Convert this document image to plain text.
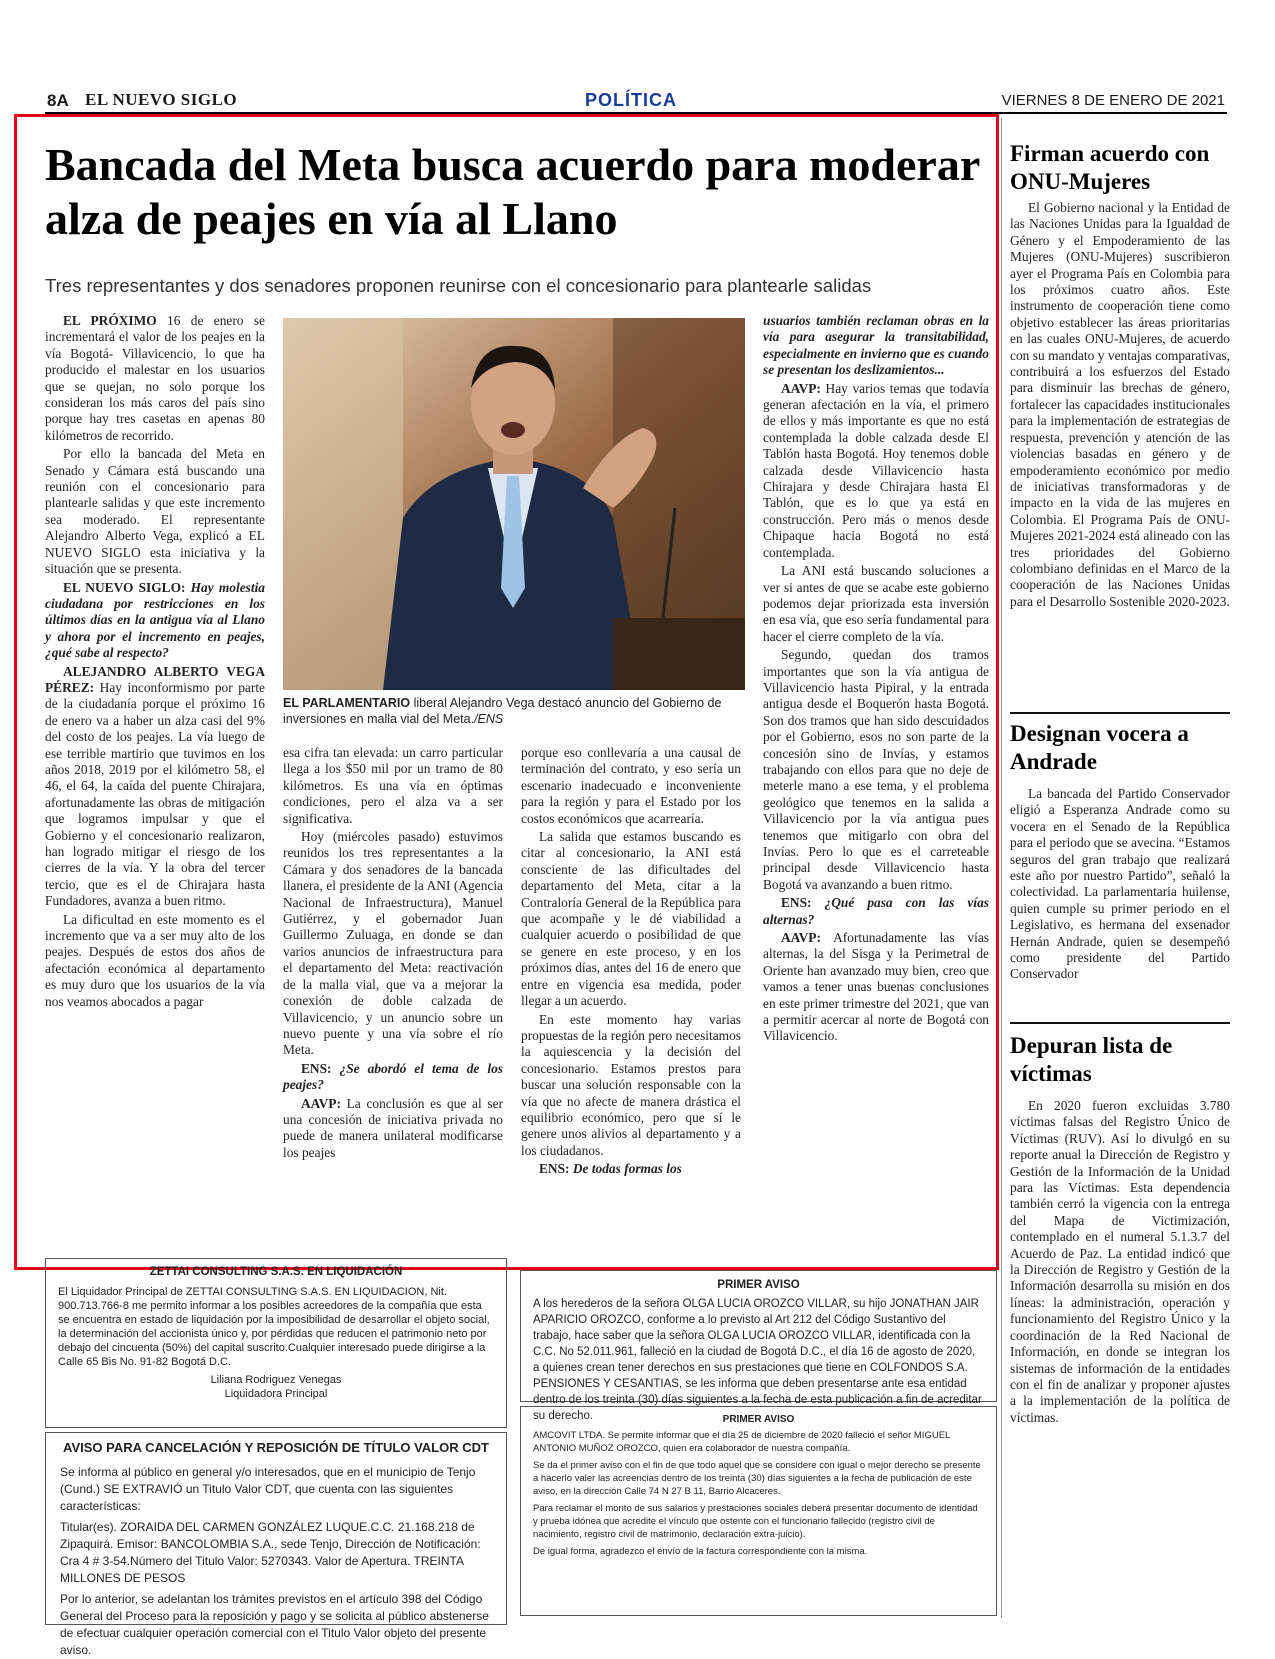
8A EL NUEVO SIGLO	POLÍTICA	VIERNES 8 DE ENERO DE 2021
Bancada del Meta busca acuerdo para moderar alza de peajes en vía al Llano
Tres representantes y dos senadores proponen reunirse con el concesionario para plantearle salidas

EL PRÓXIMO 16 de enero se incrementará el valor de los peajes en la vía Bogotá- Villavicencio, lo que ha producido el malestar en los usuarios que se quejan, no solo porque los consideran los más caros del país sino porque hay tres casetas en apenas 80 kilómetros de recorrido.

Por ello la bancada del Meta en Senado y Cámara está buscando una reunión con el concesionario para plantearle salidas y que este incremento sea moderado. El representante Alejandro Alberto Vega, explicó a EL NUEVO SIGLO esta iniciativa y la situación que se presenta.

EL NUEVO SIGLO: Hay molestia ciudadana por restricciones en los últimos días en la antigua vía al Llano y ahora por el incremento en peajes, ¿qué sabe al respecto?

ALEJANDRO ALBERTO VEGA PÉREZ: Hay inconformismo por parte de la ciudadanía porque el próximo 16 de enero va a haber un alza casi del 9% del costo de los peajes. La vía luego de ese terrible martirio que tuvimos en los años 2018, 2019 por el kilómetro 58, el 46, el 64, la caída del puente Chirajara, afortunadamente las obras de mitigación que logramos impulsar y que el Gobierno y el concesionario realizaron, han logrado mitigar el riesgo de los cierres de la vía. Y la obra del tercer tercio, que es el de Chirajara hasta Fundadores, avanza a buen ritmo.

La dificultad en este momento es el incremento que va a ser muy alto de los peajes. Después de estos dos años de afectación económica al departamento es muy duro que los usuarios de la vía nos veamos abocados a pagar

EL PARLAMENTARIO liberal Alejandro Vega destacó anuncio del Gobierno de inversiones en malla vial del Meta./ENS

esa cifra tan elevada: un carro particular llega a los $50 mil por un tramo de 80 kilómetros. Es una vía en óptimas condiciones, pero el alza va a ser significativa.

Hoy (miércoles pasado) estuvimos reunidos los tres representantes a la Cámara y dos senadores de la bancada llanera, el presidente de la ANI (Agencia Nacional de Infraestructura), Manuel Gutiérrez, y el gobernador Juan Guillermo Zuluaga, en donde se dan varios anuncios de infraestructura para el departamento del Meta: reactivación de la malla vial, que va a mejorar la conexión de doble calzada de Villavicencio, y un anuncio sobre un nuevo puente y una vía sobre el río Meta.

ENS: ¿Se abordó el tema de los peajes?

AAVP: La conclusión es que al ser una concesión de iniciativa privada no puede de manera unilateral modificarse los peajes

porque eso conllevaría a una causal de terminación del contrato, y eso sería un escenario inadecuado e inconveniente para la región y para el Estado por los costos económicos que acarrearía.

La salida que estamos buscando es citar al concesionario, la ANI está consciente de las dificultades del departamento del Meta, citar a la Contraloría General de la República para que acompañe y le dé viabilidad a cualquier acuerdo o posibilidad de que se genere en este proceso, y en los próximos días, antes del 16 de enero que entre en vigencia esa medida, poder llegar a un acuerdo.

En este momento hay varias propuestas de la región pero necesitamos la aquiescencia y la decisión del concesionario. Estamos prestos para buscar una solución responsable con la vía que no afecte de manera drástica el equilibrio económico, pero que sí le genere unos alivios al departamento y a los ciudadanos.

ENS: De todas formas los

usuarios también reclaman obras en la vía para asegurar la transitabilidad, especialmente en invierno que es cuando se presentan los deslizamientos...

AAVP: Hay varios temas que todavía generan afectación en la vía, el primero de ellos y más importante es que no está contemplada la doble calzada desde El Tablón hasta Bogotá. Hoy tenemos doble calzada desde Villavicencio hasta Chirajara y desde Chirajara hasta El Tablón, que es lo que ya está en construcción. Pero más o menos desde Chipaque hacia Bogotá no está contemplada.

La ANI está buscando soluciones a ver si antes de que se acabe este gobierno podemos dejar priorizada esta inversión en esa vía, que eso sería fundamental para hacer el cierre completo de la vía.

Segundo, quedan dos tramos importantes que son la vía antigua de Villavicencio hasta Pipiral, y la entrada antigua desde el Boquerón hasta Bogotá. Son dos tramos que han sido descuidados por el Gobierno, esos no son parte de la concesión sino de Invías, y estamos trabajando con ellos para que no deje de meterle mano a ese tema, y el problema geológico que tenemos en la salida a Villavicencio por la vía antigua pues tenemos que mitigarlo con obra del Invías. Pero lo que es el carreteable principal desde Villavicencio hasta Bogotá va avanzando a buen ritmo.

ENS: ¿Qué pasa con las vías alternas?

AAVP: Afortunadamente las vías alternas, la del Sisga y la Perimetral de Oriente han avanzado muy bien, creo que vamos a tener unas buenas conclusiones en este primer trimestre del 2021, que van a permitir acercar al norte de Bogotá con Villavicencio.

Firman acuerdo con ONU-Mujeres

El Gobierno nacional y la Entidad de las Naciones Unidas para la Igualdad de Género y el Empoderamiento de las Mujeres (ONU-Mujeres) suscribieron ayer el Programa País en Colombia para los próximos cuatro años. Este instrumento de cooperación tiene como objetivo establecer las áreas prioritarias en las cuales ONU-Mujeres, de acuerdo con su mandato y ventajas comparativas, contribuirá a los esfuerzos del Estado para disminuir las brechas de género, fortalecer las capacidades institucionales para la implementación de estrategias de respuesta, prevención y atención de las violencias basadas en género y de empoderamiento económico por medio de iniciativas transformadoras y de impacto en la vida de las mujeres en Colombia. El Programa País de ONU-Mujeres 2021-2024 está alineado con las tres prioridades del Gobierno colombiano definidas en el Marco de la cooperación de las Naciones Unidas para el Desarrollo Sostenible 2020-2023.

Designan vocera a Andrade

La bancada del Partido Conservador eligió a Esperanza Andrade como su vocera en el Senado de la República para el periodo que se avecina. “Estamos seguros del gran trabajo que realizará este año por nuestro Partido”, señaló la colectividad. La parlamentaria huilense, quien cumple su primer periodo en el Legislativo, es hermana del exsenador Hernán Andrade, quien se desempeñó como presidente del Partido Conservador

Depuran lista de víctimas

En 2020 fueron excluidas 3.780 víctimas falsas del Registro Único de Víctimas (RUV). Así lo divulgó en su reporte anual la Dirección de Registro y Gestión de la Información de la Unidad para las Víctimas. Esta dependencia también cerró la vigencia con la entrega del Mapa de Victimización, contemplado en el numeral 5.1.3.7 del Acuerdo de Paz. La entidad indicó que la Dirección de Registro y Gestión de la Información desarrolla su misión en dos líneas: la administración, operación y funcionamiento del Registro Único y la coordinación de la Red Nacional de Información, en donde se integran los sistemas de información de la entidades con el fin de analizar y proponer ajustes a la implementación de la política de víctimas.

ZETTAI CONSULTING S.A.S. EN LIQUIDACIÓN

El Liquidador Principal de ZETTAI CONSULTING S.A.S. EN LIQUIDACION, Nit. 900.713.766-8 me permito informar a los posibles acreedores de la compañía que esta se encuentra en estado de liquidación por la imposibilidad de desarrollar el objeto social, la determinación del accionista único y, por pérdidas que reducen el patrimonio neto por debajo del cincuenta (50%) del capital suscrito.Cualquier interesado puede dirigirse a la Calle 65 Bis No. 91-82 Bogotá D.C.

Liliana Rodriguez Venegas
Liquidadora Principal
AVISO PARA CANCELACIÓN Y REPOSICIÓN DE TÍTULO VALOR CDT

Se informa al público en general y/o interesados, que en el municipio de Tenjo (Cund.) SE EXTRAVIÓ un Titulo Valor CDT, que cuenta con las siguientes características:

Titular(es). ZORAIDA DEL CARMEN GONZÁLEZ LUQUE.C.C. 21.168.218 de Zipaquirá. Emisor: BANCOLOMBIA S.A., sede Tenjo, Dirección de Notificación: Cra 4 # 3-54.Número del Titulo Valor: 5270343. Valor de Apertura. TREINTA MILLONES DE PESOS

Por lo anterior, se adelantan los trámites previstos en el artículo 398 del Código General del Proceso para la reposición y pago y se solicita al público abstenerse de efectuar cualquier operación comercial con el Titulo Valor objeto del presente aviso.

PRIMER AVISO

A los herederos de la señora OLGA LUCIA OROZCO VILLAR, su hijo JONATHAN JAIR APARICIO OROZCO, conforme a lo previsto al Art 212 del Código Sustantivo del trabajo, hace saber que la señora OLGA LUCIA OROZCO VILLAR, identificada con la C.C. No 52.011.961, falleció en la ciudad de Bogotá D.C., el día 16 de agosto de 2020, a quienes crean tener derechos en sus prestaciones que tiene en COLFONDOS S.A. PENSIONES Y CESANTIAS, se les informa que deben presentarse ante esa entidad dentro de los treinta (30) días siguientes a la fecha de esta publicación a fin de acreditar su derecho.	PRIMER AVISO

AMCOVIT LTDA. Se permite informar que el día 25 de diciembre de 2020 falleció el señor MIGUEL ANTONIO MUÑOZ OROZCO, quien era colaborador de nuestra compañía.

Se da el primer aviso con el fin de que todo aquel que se considere con igual o mejor derecho se presente a hacerlo valer las acreencias dentro de los treinta (30) días siguientes a la fecha de publicación de este aviso, en la dirección Calle 74 N 27 B 11, Barrio Alcaceres.

Para reclamar el monto de sus salarios y prestaciones sociales deberá presentar documento de identidad y prueba idónea que acredite el vínculo que ostente con el funcionario fallecido (registro civil de nacimiento, registro civil de matrimonio, declaración extra-juicio).

De igual forma, agradezco el envío de la factura correspondiente con la misma.
